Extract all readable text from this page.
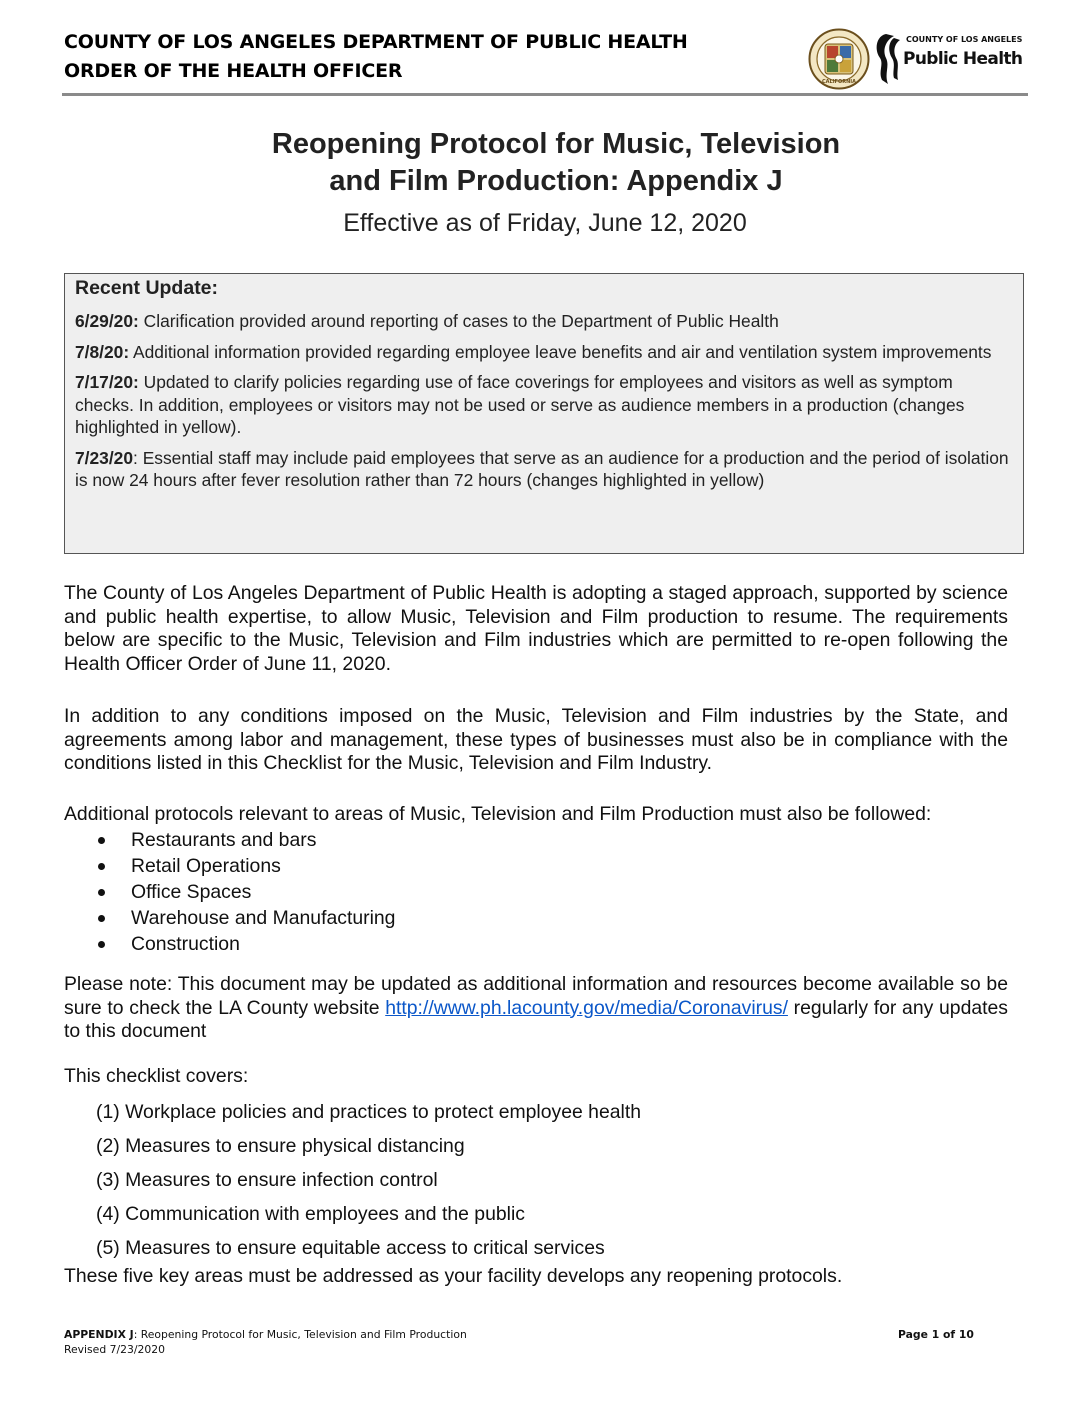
COUNTY OF LOS ANGELES DEPARTMENT OF PUBLIC HEALTH
ORDER OF THE HEALTH OFFICER	CALIFORNIA
COUNTY OF LOS ANGELES
Public Health
Reopening Protocol for Music, Television
and Film Production: Appendix J
Effective as of Friday, June 12, 2020
Recent Update:
6/29/20: Clarification provided around reporting of cases to the Department of Public Health
7/8/20: Additional information provided regarding employee leave benefits and air and ventilation system improvements
7/17/20: Updated to clarify policies regarding use of face coverings for employees and visitors as well as symptom checks. In addition, employees or visitors may not be used or serve as audience members in a production (changes highlighted in yellow).
7/23/20: Essential staff may include paid employees that serve as an audience for a production and the period of isolation is now 24 hours after fever resolution rather than 72 hours (changes highlighted in yellow)
The County of Los Angeles Department of Public Health is adopting a staged approach, supported by science and public health expertise, to allow Music, Television and Film production to resume. The requirements below are specific to the Music, Television and Film industries which are permitted to re-open following the Health Officer Order of June 11, 2020.
In addition to any conditions imposed on the Music, Television and Film industries by the State, and agreements among labor and management, these types of businesses must also be in compliance with the conditions listed in this Checklist for the Music, Television and Film Industry.
Additional protocols relevant to areas of Music, Television and Film Production must also be followed:
Restaurants and bars
Retail Operations
Office Spaces
Warehouse and Manufacturing
Construction
Please note: This document may be updated as additional information and resources become available so be sure to check the LA County website http://www.ph.lacounty.gov/media/Coronavirus/ regularly for any updates to this document
This checklist covers:
(1) Workplace policies and practices to protect employee health
(2) Measures to ensure physical distancing
(3) Measures to ensure infection control
(4) Communication with employees and the public
(5) Measures to ensure equitable access to critical services
These five key areas must be addressed as your facility develops any reopening protocols.
APPENDIX J: Reopening Protocol for Music, Television and Film Production
Revised 7/23/2020
Page 1 of 10
